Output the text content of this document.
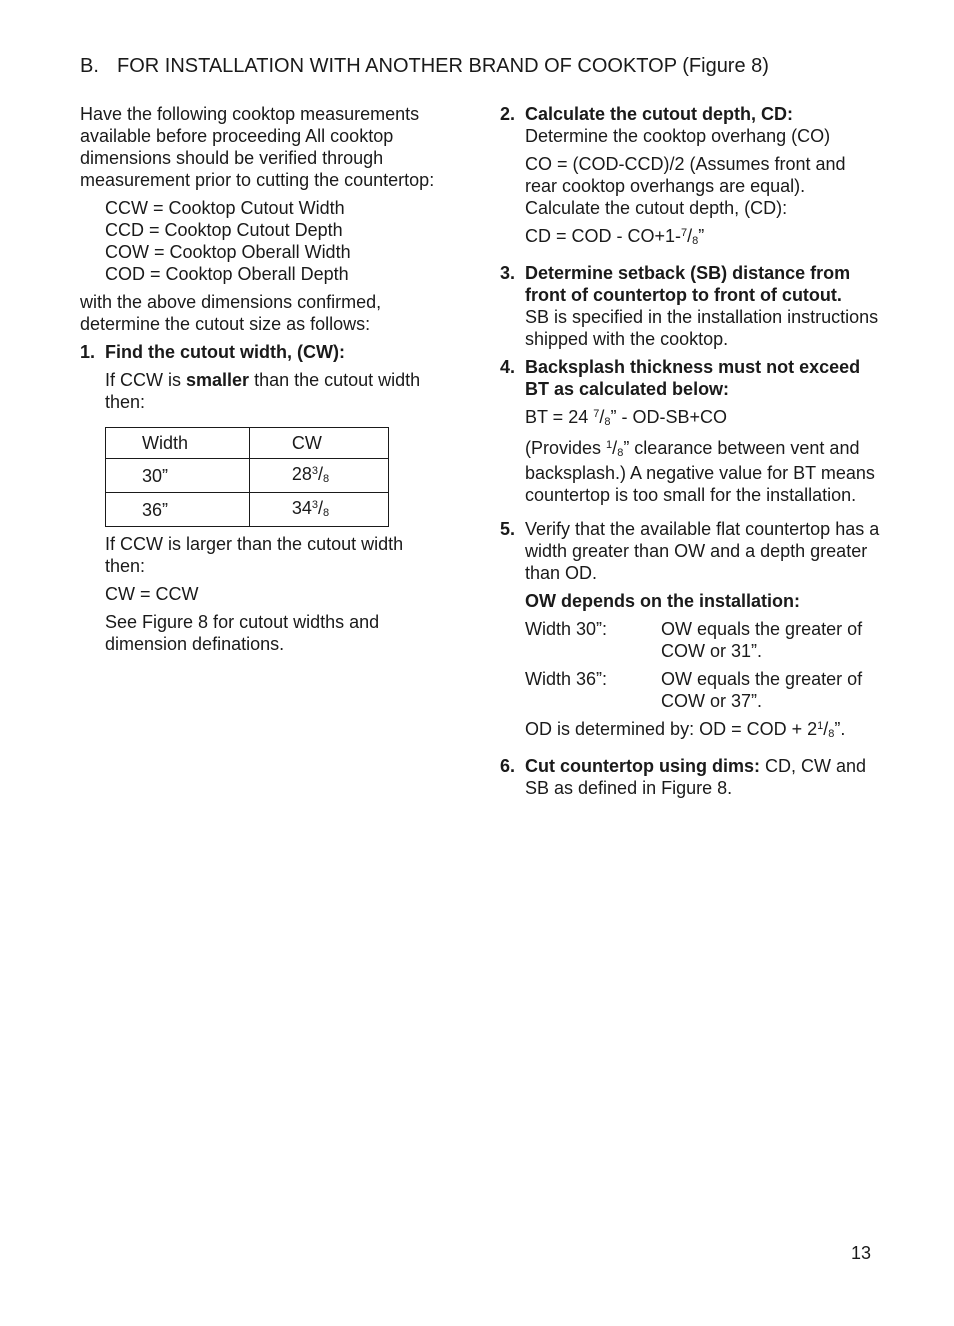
B. FOR INSTALLATION WITH ANOTHER BRAND OF COOKTOP (Figure 8)

Have the following cooktop measurements available before proceeding All cooktop dimensions should be verified through measurement prior to cutting the countertop:

CCW = Cooktop Cutout Width
CCD = Cooktop Cutout Depth
COW = Cooktop Oberall Width
COD = Cooktop Oberall Depth

with the above dimensions confirmed, determine the cutout size as follows:

1. Find the cutout width, (CW):

If CCW is smaller than the cutout width then:

Width	CW
30”	$28^3/8$
36”	$34^3/8$

If CCW is larger than the cutout width then:

CW = CCW

See Figure 8 for cutout widths and dimension definations.

2. Calculate the cutout depth, CD:

Determine the cooktop overhang (CO)

CO = (COD-CCD)/2 (Assumes front and rear cooktop overhangs are equal). Calculate the cutout depth, (CD):

CD = COD - CO+1-$^7$/8”

3. Determine setback (SB) distance from front of countertop to front of cutout.
SB is specified in the installation instructions shipped with the cooktop.
4. Backsplash thickness must not exceed BT as calculated below:

BT = 24 $^7$/8” - OD-SB+CO

(Provides $^1$/8” clearance between vent and backsplash.) A negative value for BT means countertop is too small for the installation.

5. Verify that the available flat countertop has a width greater than OW and a depth greater than OD.

OW depends on the installation:

Width 30”:	OW equals the greater of COW or 31”.
Width 36”:	OW equals the greater of COW or 37”.

OD is determined by: OD = COD + $2^1/8$”.

6. Cut countertop using dims: CD, CW and SB as defined in Figure 8.
13
